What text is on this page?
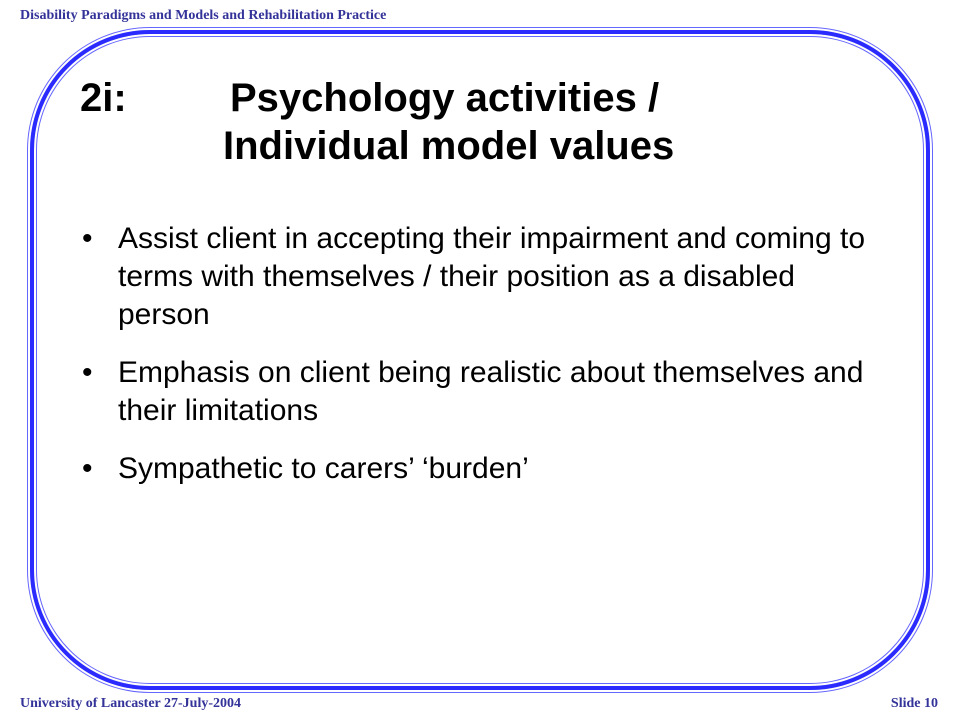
Disability Paradigms and Models and Rehabilitation Practice
2i:	Psychology activities /
Individual model values
• Assist client in accepting their impairment and coming to terms with themselves / their position as a disabled person
• Emphasis on client being realistic about themselves and their limitations
• Sympathetic to carers’ ‘burden’
University of Lancaster 27-July-2004	Slide 10
